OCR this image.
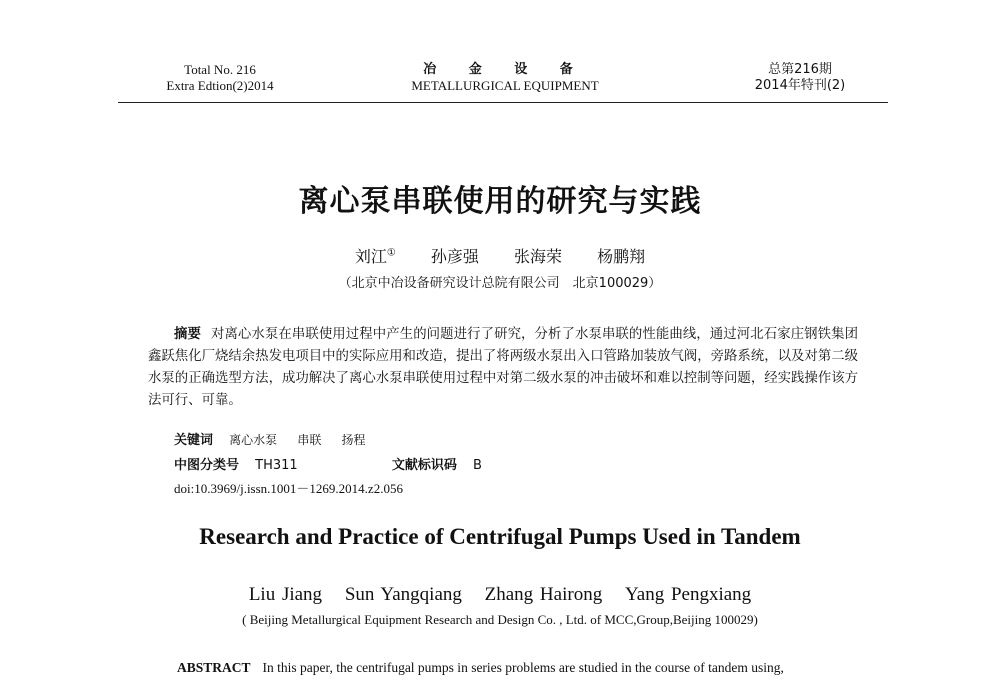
Total No. 216
Extra Edtion(2)2014
冶 金 设 备
METALLURGICAL EQUIPMENT
总第216期
2014年特刊(2)
离心泵串联使用的研究与实践
刘江① 孙彦强 张海荣 杨鹏翔
（北京中冶设备研究设计总院有限公司　北京100029）
摘要 对离心水泵在串联使用过程中产生的问题进行了研究，分析了水泵串联的性能曲线，通过河北石家庄钢铁集团鑫跃焦化厂烧结余热发电项目中的实际应用和改造，提出了将两级水泵出入口管路加装放气阀，旁路系统，以及对第二级水泵的正确选型方法，成功解决了离心水泵串联使用过程中对第二级水泵的冲击破坏和难以控制等问题，经实践操作该方法可行、可靠。
关键词 离心水泵 串联 扬程
中图分类号 TH311	文献标识码 B
doi:10.3969/j.issn.1001－1269.2014.z2.056
Research and Practice of Centrifugal Pumps Used in Tandem
Liu Jiang Sun Yangqiang Zhang Hairong Yang Pengxiang
( Beijing Metallurgical Equipment Research and Design Co. , Ltd. of MCC,Group,Beijing 100029)
ABSTRACT In this paper, the centrifugal pumps in series problems are studied in the course of tandem using,
